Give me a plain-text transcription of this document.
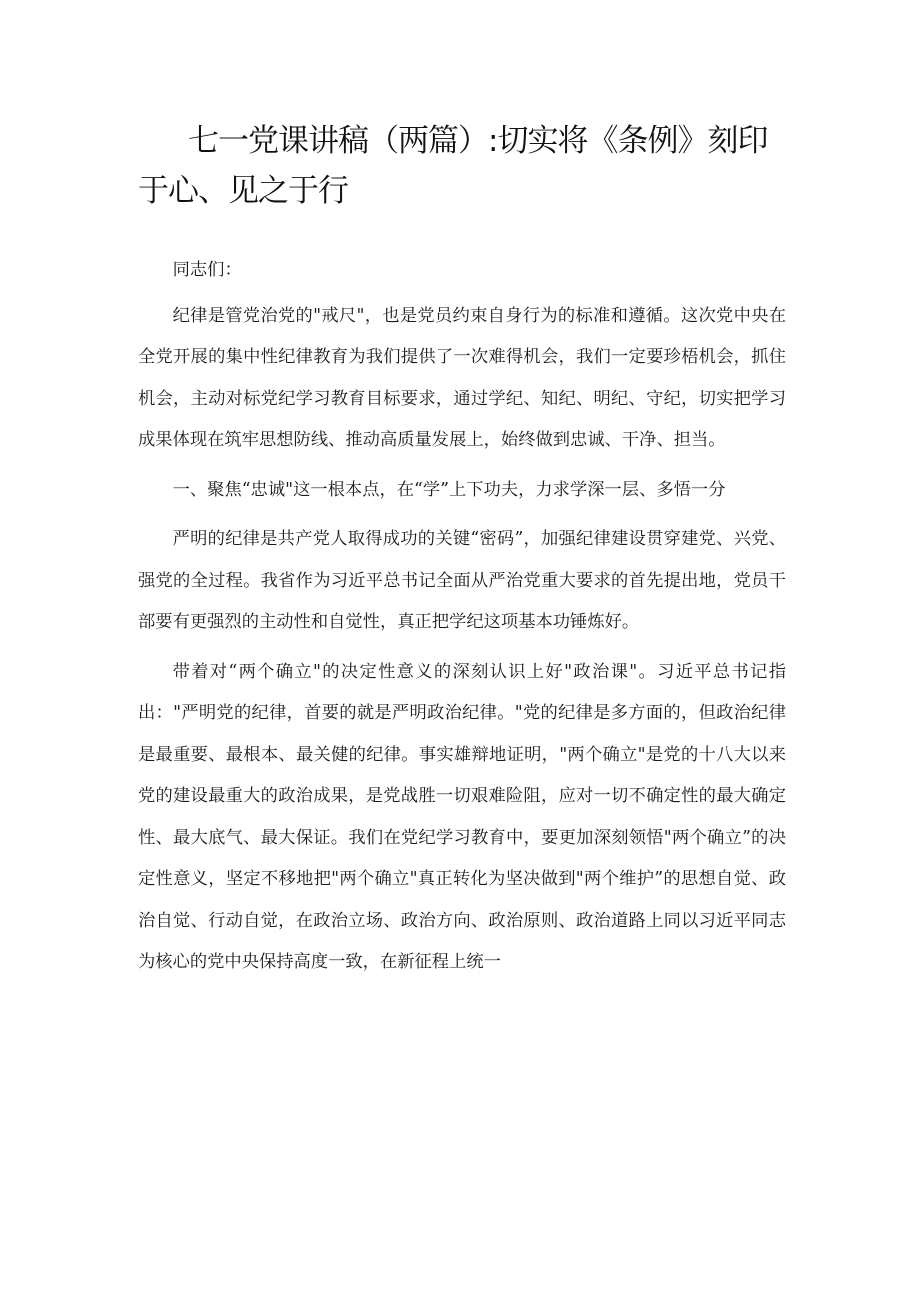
七一党课讲稿（两篇）:切实将《条例》刻印于心、见之于行

同志们：

纪律是管党治党的"戒尺"，也是党员约束自身行为的标准和遵循。这次党中央在全党开展的集中性纪律教育为我们提供了一次难得机会，我们一定要珍梧机会，抓住机会，主动对标党纪学习教育目标要求，通过学纪、知纪、明纪、守纪，切实把学习成果体现在筑牢思想防线、推动高质量发展上，始终做到忠诚、干净、担当。

一、聚焦“忠诚"这一根本点，在“学”上下功夫，力求学深一层、多悟一分

严明的纪律是共产党人取得成功的关键“密码”，加强纪律建设贯穿建党、兴党、强党的全过程。我省作为习近平总书记全面从严治党重大要求的首先提出地，党员干部要有更强烈的主动性和自觉性，真正把学纪这项基本功锤炼好。

带着对“两个确立"的决定性意义的深刻认识上好"政治课"。习近平总书记指出："严明党的纪律，首要的就是严明政治纪律。"党的纪律是多方面的，但政治纪律是最重要、最根本、最关健的纪律。事实雄辩地证明，"两个确立"是党的十八大以来党的建设最重大的政治成果，是党战胜一切艰难险阻，应对一切不确定性的最大确定性、最大底气、最大保证。我们在党纪学习教育中，要更加深刻领悟"两个确立”的决定性意义，坚定不移地把"两个确立"真正转化为坚决做到"两个维护”的思想自觉、政治自觉、行动自觉，在政治立场、政治方向、政治原则、政治道路上同以习近平同志为核心的党中央保持高度一致，在新征程上统一
